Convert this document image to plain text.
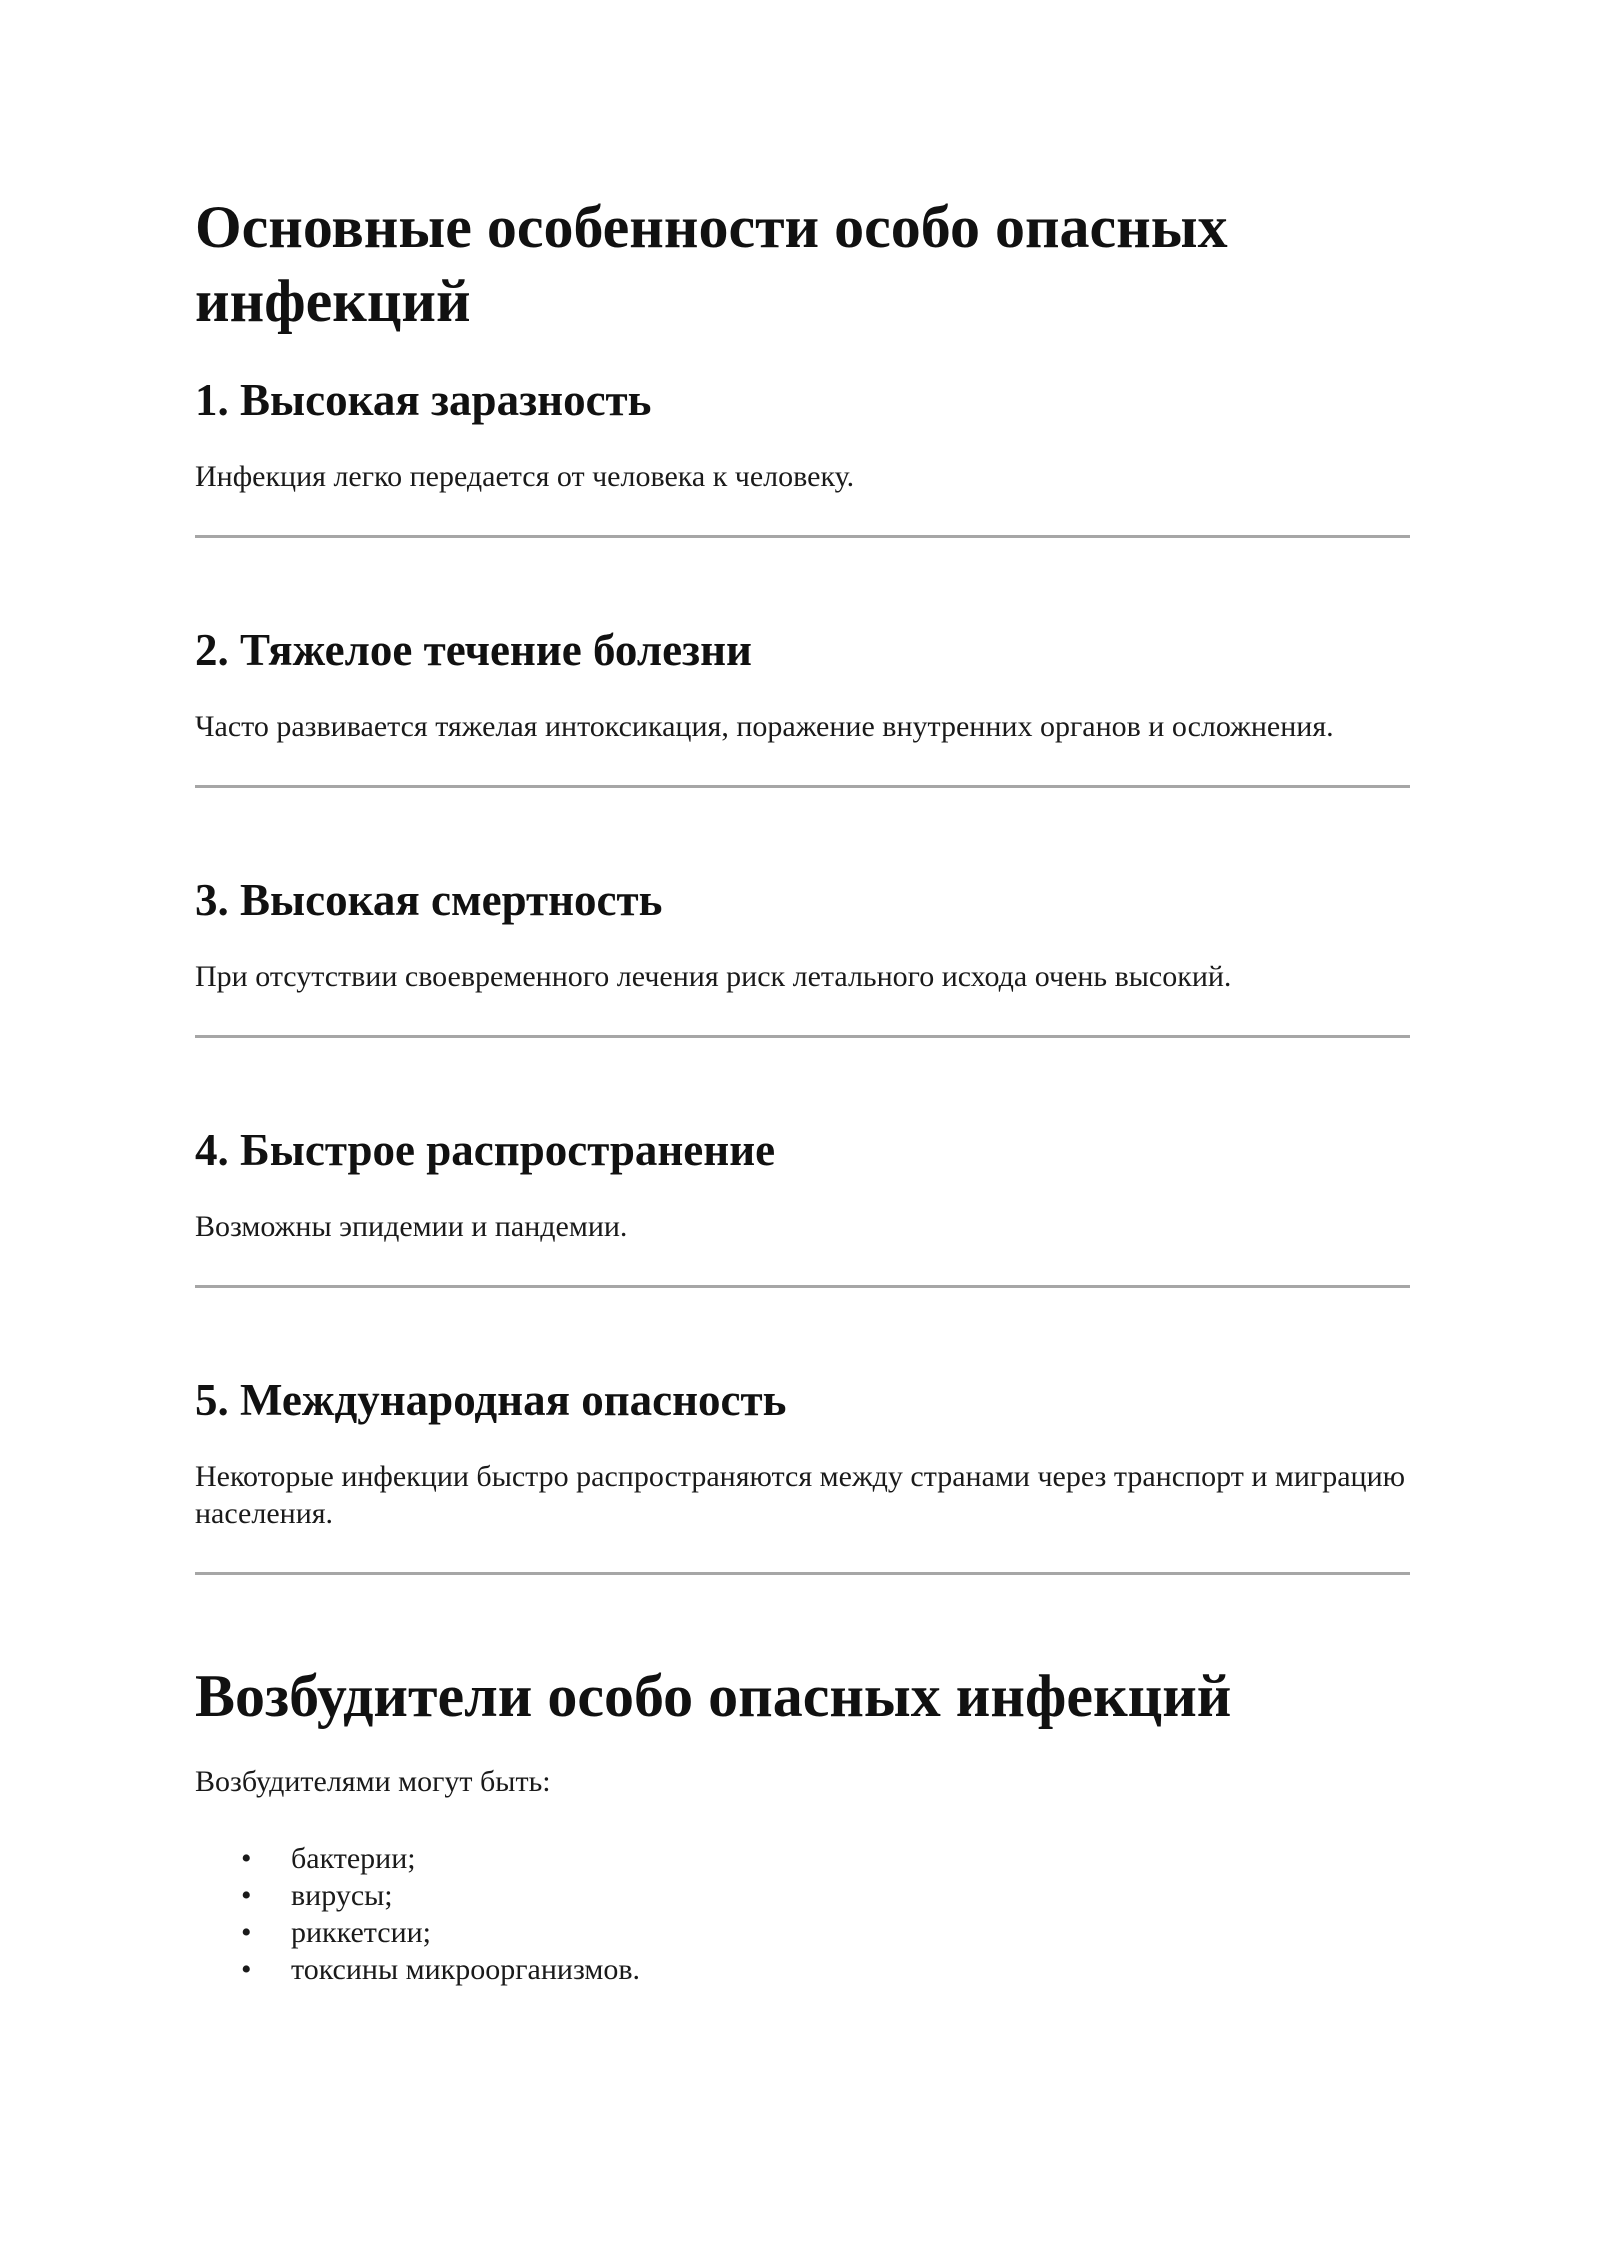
Основные особенности особо опасных инфекций
1. Высокая заразность

Инфекция легко передается от человека к человеку.

2. Тяжелое течение болезни

Часто развивается тяжелая интоксикация, поражение внутренних органов и осложнения.

3. Высокая смертность

При отсутствии своевременного лечения риск летального исхода очень высокий.

4. Быстрое распространение

Возможны эпидемии и пандемии.

5. Международная опасность

Некоторые инфекции быстро распространяются между странами через транспорт и миграцию населения.

Возбудители особо опасных инфекций

Возбудителями могут быть:

• бактерии;
• вирусы;
• риккетсии;
• токсины микроорганизмов.
